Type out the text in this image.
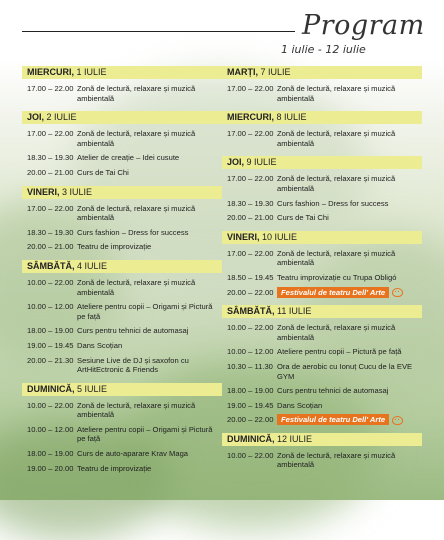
Program
1 iulie - 12 iulie
MIERCURI, 1 IULIE
17.00 – 22.00 Zonă de lectură, relaxare și muzică ambientală
JOI, 2 IULIE
17.00 – 22.00 Zonă de lectură, relaxare și muzică ambientală
18.30 – 19.30 Atelier de creație – Idei cusute
20.00 – 21.00 Curs de Tai Chi
VINERI, 3 IULIE
17.00 – 22.00 Zonă de lectură, relaxare și muzică ambientală
18.30 – 19.30 Curs fashion – Dress for success
20.00 – 21.00 Teatru de improvizație
SÂMBĂTĂ, 4 IULIE
10.00 – 22.00 Zonă de lectură, relaxare și muzică ambientală
10.00 – 12.00 Ateliere pentru copii – Origami și Pictură pe față
18.00 – 19.00 Curs pentru tehnici de automasaj
19.00 – 19.45 Dans Scoțian
20.00 – 21.30 Sesiune Live de DJ și saxofon cu ArtHitEctronic & Friends
DUMINICĂ, 5 IULIE
10.00 – 22.00 Zonă de lectură, relaxare și muzică ambientală
10.00 – 12.00 Ateliere pentru copii – Origami și Pictură pe față
18.00 – 19.00 Curs de auto-aparare Krav Maga
19.00 – 20.00 Teatru de improvizație
MARȚI, 7 IULIE
17.00 – 22.00 Zonă de lectură, relaxare și muzică ambientală
MIERCURI, 8 IULIE
17.00 – 22.00 Zonă de lectură, relaxare și muzică ambientală
JOI, 9 IULIE
17.00 – 22.00 Zonă de lectură, relaxare și muzică ambientală
18.30 – 19.30 Curs fashion – Dress for success
20.00 – 21.00 Curs de Tai Chi
VINERI, 10 IULIE
17.00 – 22.00 Zonă de lectură, relaxare și muzică ambientală
18.50 – 19.45 Teatru improvizație cu Trupa Obligó
20.00 – 22.00 Festivalul de teatru Dell' Arte
SÂMBĂTĂ, 11 IULIE
10.00 – 22.00 Zonă de lectură, relaxare și muzică ambientală
10.00 – 12.00 Ateliere pentru copii – Pictură pe față
10.30 – 11.30 Ora de aerobic cu Ionuț Cucu de la EVE GYM
18.00 – 19.00 Curs pentru tehnici de automasaj
19.00 – 19.45 Dans Scoțian
20.00 – 22.00 Festivalul de teatru Dell' Arte
DUMINICĂ, 12 IULIE
10.00 – 22.00 Zonă de lectură, relaxare și muzică ambientală
